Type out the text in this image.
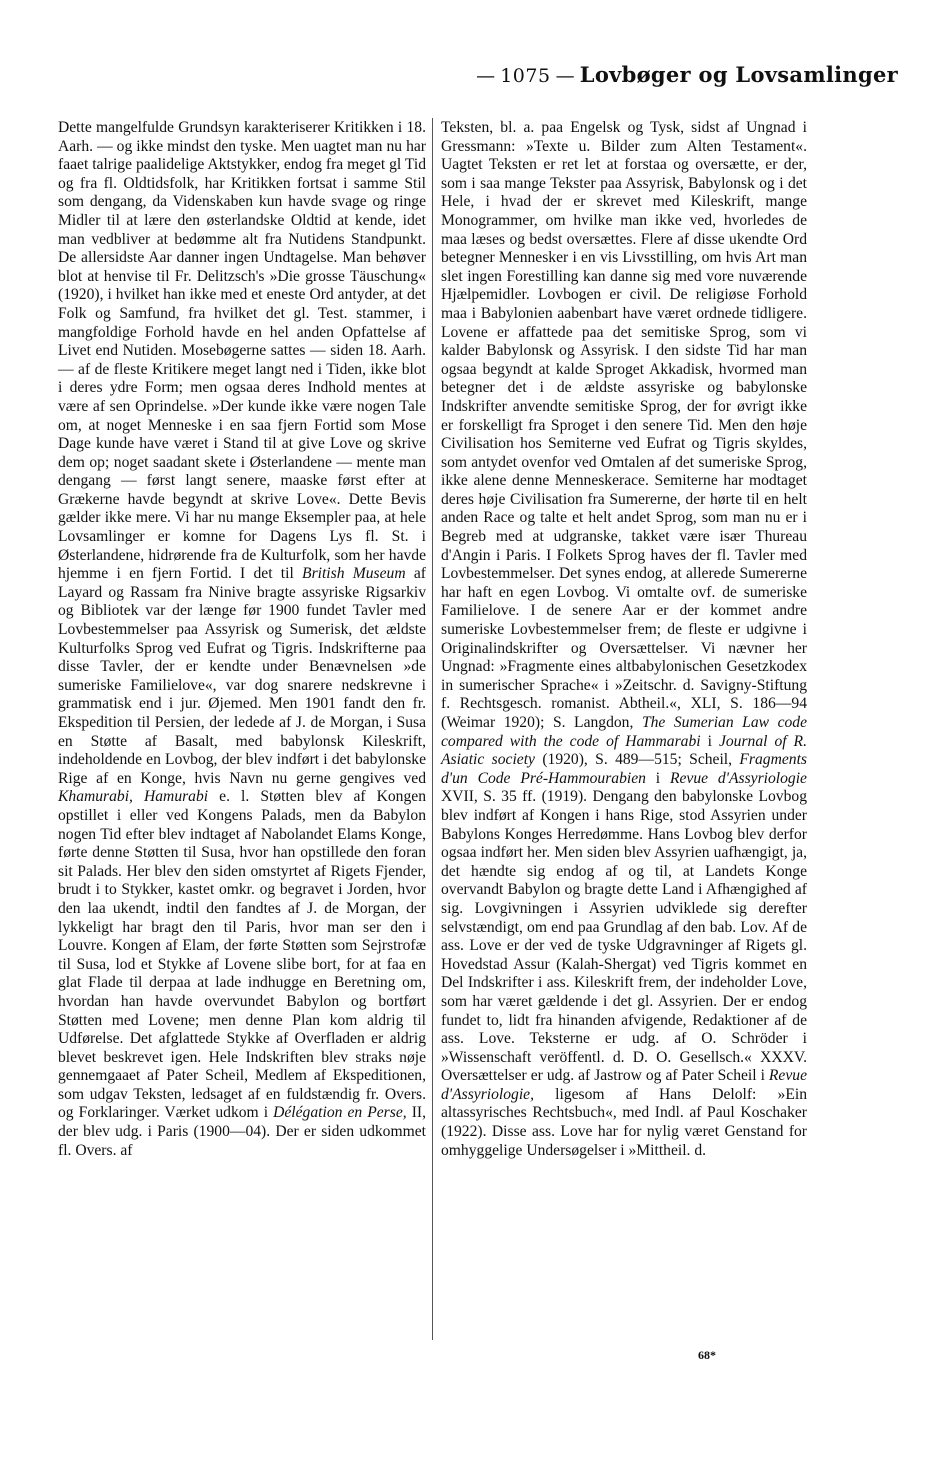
— 1075 — Lovbøger og Lovsamlinger

Dette mangelfulde Grundsyn karakteriserer Kritikken i 18. Aarh. — og ikke mindst den tyske. Men uagtet man nu har faaet talrige paalidelige Aktstykker, endog fra meget gl Tid og fra fl. Oldtidsfolk, har Kritikken fortsat i samme Stil som dengang, da Videnskaben kun havde svage og ringe Midler til at lære den østerlandske Oldtid at kende, idet man vedbliver at bedømme alt fra Nutidens Standpunkt. De allersidste Aar danner ingen Undtagelse. Man behøver blot at henvise til Fr. Delitzsch's »Die grosse Täuschung« (1920), i hvilket han ikke med et eneste Ord antyder, at det Folk og Samfund, fra hvilket det gl. Test. stammer, i mangfoldige Forhold havde en hel anden Opfattelse af Livet end Nutiden. Mosebøgerne sattes — siden 18. Aarh. — af de fleste Kritikere meget langt ned i Tiden, ikke blot i deres ydre Form; men ogsaa deres Indhold mentes at være af sen Oprindelse. »Der kunde ikke være nogen Tale om, at noget Menneske i en saa fjern Fortid som Mose Dage kunde have været i Stand til at give Love og skrive dem op; noget saadant skete i Østerlandene — mente man dengang — først langt senere, maaske først efter at Grækerne havde begyndt at skrive Love«. Dette Bevis gælder ikke mere. Vi har nu mange Eksempler paa, at hele Lovsamlinger er komne for Dagens Lys fl. St. i Østerlandene, hidrørende fra de Kulturfolk, som her havde hjemme i en fjern Fortid. I det til British Museum af Layard og Rassam fra Ninive bragte assyriske Rigsarkiv og Bibliotek var der længe før 1900 fundet Tavler med Lovbestemmelser paa Assyrisk og Sumerisk, det ældste Kulturfolks Sprog ved Eufrat og Tigris. Indskrifterne paa disse Tavler, der er kendte under Benævnelsen »de sumeriske Familielove«, var dog snarere nedskrevne i grammatisk end i jur. Øjemed. Men 1901 fandt den fr. Ekspedition til Persien, der ledede af J. de Morgan, i Susa en Støtte af Basalt, med babylonsk Kileskrift, indeholdende en Lovbog, der blev indført i det babylonske Rige af en Konge, hvis Navn nu gerne gengives ved Khamurabi, Hamurabi e. l. Støtten blev af Kongen opstillet i eller ved Kongens Palads, men da Babylon nogen Tid efter blev indtaget af Nabolandet Elams Konge, førte denne Støtten til Susa, hvor han opstillede den foran sit Palads. Her blev den siden omstyrtet af Rigets Fjender, brudt i to Stykker, kastet omkr. og begravet i Jorden, hvor den laa ukendt, indtil den fandtes af J. de Morgan, der lykkeligt har bragt den til Paris, hvor man ser den i Louvre. Kongen af Elam, der førte Støtten som Sejrstrofæ til Susa, lod et Stykke af Lovene slibe bort, for at faa en glat Flade til derpaa at lade indhugge en Beretning om, hvordan han havde overvundet Babylon og bortført Støtten med Lovene; men denne Plan kom aldrig til Udførelse. Det afglattede Stykke af Overfladen er aldrig blevet beskrevet igen. Hele Indskriften blev straks nøje gennemgaaet af Pater Scheil, Medlem af Ekspeditionen, som udgav Teksten, ledsaget af en fuldstændig fr. Overs. og Forklaringer. Værket udkom i Délégation en Perse, II, der blev udg. i Paris (1900—04). Der er siden udkommet fl. Overs. af

Teksten, bl. a. paa Engelsk og Tysk, sidst af Ungnad i Gressmann: »Texte u. Bilder zum Alten Testament«. Uagtet Teksten er ret let at forstaa og oversætte, er der, som i saa mange Tekster paa Assyrisk, Babylonsk og i det Hele, i hvad der er skrevet med Kileskrift, mange Monogrammer, om hvilke man ikke ved, hvorledes de maa læses og bedst oversættes. Flere af disse ukendte Ord betegner Mennesker i en vis Livsstilling, om hvis Art man slet ingen Forestilling kan danne sig med vore nuværende Hjælpemidler. Lovbogen er civil. De religiøse Forhold maa i Babylonien aabenbart have været ordnede tidligere. Lovene er affattede paa det semitiske Sprog, som vi kalder Babylonsk og Assyrisk. I den sidste Tid har man ogsaa begyndt at kalde Sproget Akkadisk, hvormed man betegner det i de ældste assyriske og babylonske Indskrifter anvendte semitiske Sprog, der for øvrigt ikke er forskelligt fra Sproget i den senere Tid. Men den høje Civilisation hos Semiterne ved Eufrat og Tigris skyldes, som antydet ovenfor ved Omtalen af det sumeriske Sprog, ikke alene denne Menneskerace. Semiterne har modtaget deres høje Civilisation fra Sumererne, der hørte til en helt anden Race og talte et helt andet Sprog, som man nu er i Begreb med at udgranske, takket være især Thureau d'Angin i Paris. I Folkets Sprog haves der fl. Tavler med Lovbestemmelser. Det synes endog, at allerede Sumererne har haft en egen Lovbog. Vi omtalte ovf. de sumeriske Familielove. I de senere Aar er der kommet andre sumeriske Lovbestemmelser frem; de fleste er udgivne i Originalindskrifter og Oversættelser. Vi nævner her Ungnad: »Fragmente eines altbabylonischen Gesetzkodex in sumerischer Sprache« i »Zeitschr. d. Savigny-Stiftung f. Rechtsgesch. romanist. Abtheil.«, XLI, S. 186—94 (Weimar 1920); S. Langdon, The Sumerian Law code compared with the code of Hammarabi i Journal of R. Asiatic society (1920), S. 489—515; Scheil, Fragments d'un Code Pré-Hammourabien i Revue d'Assyriologie XVII, S. 35 ff. (1919). Dengang den babylonske Lovbog blev indført af Kongen i hans Rige, stod Assyrien under Babylons Konges Herredømme. Hans Lovbog blev derfor ogsaa indført her. Men siden blev Assyrien uafhængigt, ja, det hændte sig endog af og til, at Landets Konge overvandt Babylon og bragte dette Land i Afhængighed af sig. Lovgivningen i Assyrien udviklede sig derefter selvstændigt, om end paa Grundlag af den bab. Lov. Af de ass. Love er der ved de tyske Udgravninger af Rigets gl. Hovedstad Assur (Kalah-Shergat) ved Tigris kommet en Del Indskrifter i ass. Kileskrift frem, der indeholder Love, som har været gældende i det gl. Assyrien. Der er endog fundet to, lidt fra hinanden afvigende, Redaktioner af de ass. Love. Teksterne er udg. af O. Schröder i »Wissenschaft veröffentl. d. D. O. Gesellsch.« XXXV. Oversættelser er udg. af Jastrow og af Pater Scheil i Revue d'Assyriologie, ligesom af Hans Delolf: »Ein altassyrisches Rechtsbuch«, med Indl. af Paul Koschaker (1922). Disse ass. Love har for nylig været Genstand for omhyggelige Undersøgelser i »Mittheil. d.

68*
